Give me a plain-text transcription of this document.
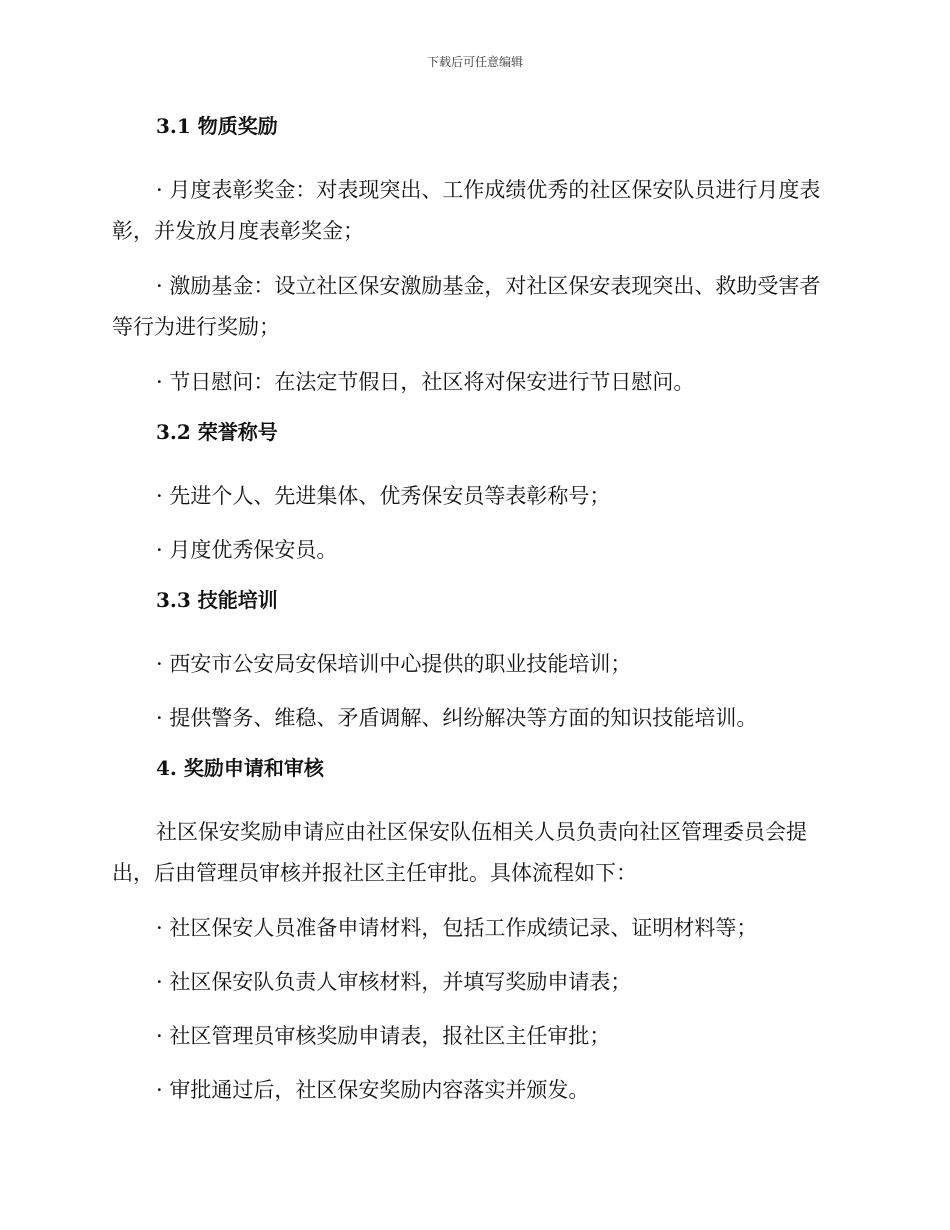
下载后可任意编辑
3.1 物质奖励
· 月度表彰奖金：对表现突出、工作成绩优秀的社区保安队员进行月度表彰，并发放月度表彰奖金；
· 激励基金：设立社区保安激励基金，对社区保安表现突出、救助受害者等行为进行奖励；
· 节日慰问：在法定节假日，社区将对保安进行节日慰问。
3.2 荣誉称号
· 先进个人、先进集体、优秀保安员等表彰称号；
· 月度优秀保安员。
3.3 技能培训
· 西安市公安局安保培训中心提供的职业技能培训；
· 提供警务、维稳、矛盾调解、纠纷解决等方面的知识技能培训。
4. 奖励申请和审核
社区保安奖励申请应由社区保安队伍相关人员负责向社区管理委员会提出，后由管理员审核并报社区主任审批。具体流程如下：
· 社区保安人员准备申请材料，包括工作成绩记录、证明材料等；
· 社区保安队负责人审核材料，并填写奖励申请表；
· 社区管理员审核奖励申请表，报社区主任审批；
· 审批通过后，社区保安奖励内容落实并颁发。
